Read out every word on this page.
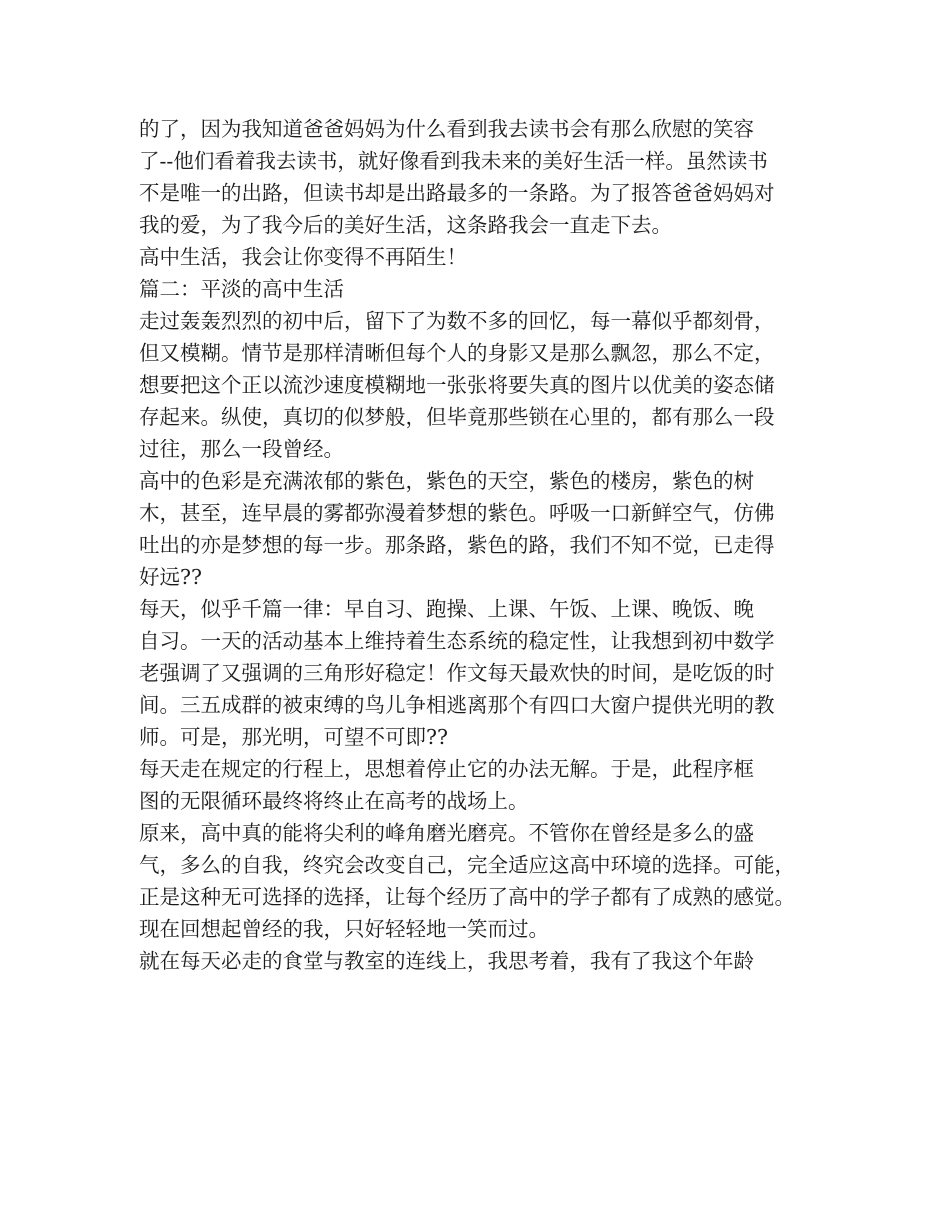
的了，因为我知道爸爸妈妈为什么看到我去读书会有那么欣慰的笑容
了--他们看着我去读书，就好像看到我未来的美好生活一样。虽然读书
不是唯一的出路，但读书却是出路最多的一条路。为了报答爸爸妈妈对
我的爱，为了我今后的美好生活，这条路我会一直走下去。
高中生活，我会让你变得不再陌生！
篇二：平淡的高中生活
走过轰轰烈烈的初中后，留下了为数不多的回忆，每一幕似乎都刻骨，
但又模糊。情节是那样清晰但每个人的身影又是那么飘忽，那么不定，
想要把这个正以流沙速度模糊地一张张将要失真的图片以优美的姿态储
存起来。纵使，真切的似梦般，但毕竟那些锁在心里的，都有那么一段
过往，那么一段曾经。
高中的色彩是充满浓郁的紫色，紫色的天空，紫色的楼房，紫色的树
木，甚至，连早晨的雾都弥漫着梦想的紫色。呼吸一口新鲜空气，仿佛
吐出的亦是梦想的每一步。那条路，紫色的路，我们不知不觉，已走得
好远??
每天，似乎千篇一律：早自习、跑操、上课、午饭、上课、晚饭、晚
自习。一天的活动基本上维持着生态系统的稳定性，让我想到初中数学
老强调了又强调的三角形好稳定！作文每天最欢快的时间，是吃饭的时
间。三五成群的被束缚的鸟儿争相逃离那个有四口大窗户提供光明的教
师。可是，那光明，可望不可即??
每天走在规定的行程上，思想着停止它的办法无解。于是，此程序框
图的无限循环最终将终止在高考的战场上。
原来，高中真的能将尖利的峰角磨光磨亮。不管你在曾经是多么的盛
气，多么的自我，终究会改变自己，完全适应这高中环境的选择。可能，
正是这种无可选择的选择，让每个经历了高中的学子都有了成熟的感觉。
现在回想起曾经的我，只好轻轻地一笑而过。
就在每天必走的食堂与教室的连线上，我思考着，我有了我这个年龄
